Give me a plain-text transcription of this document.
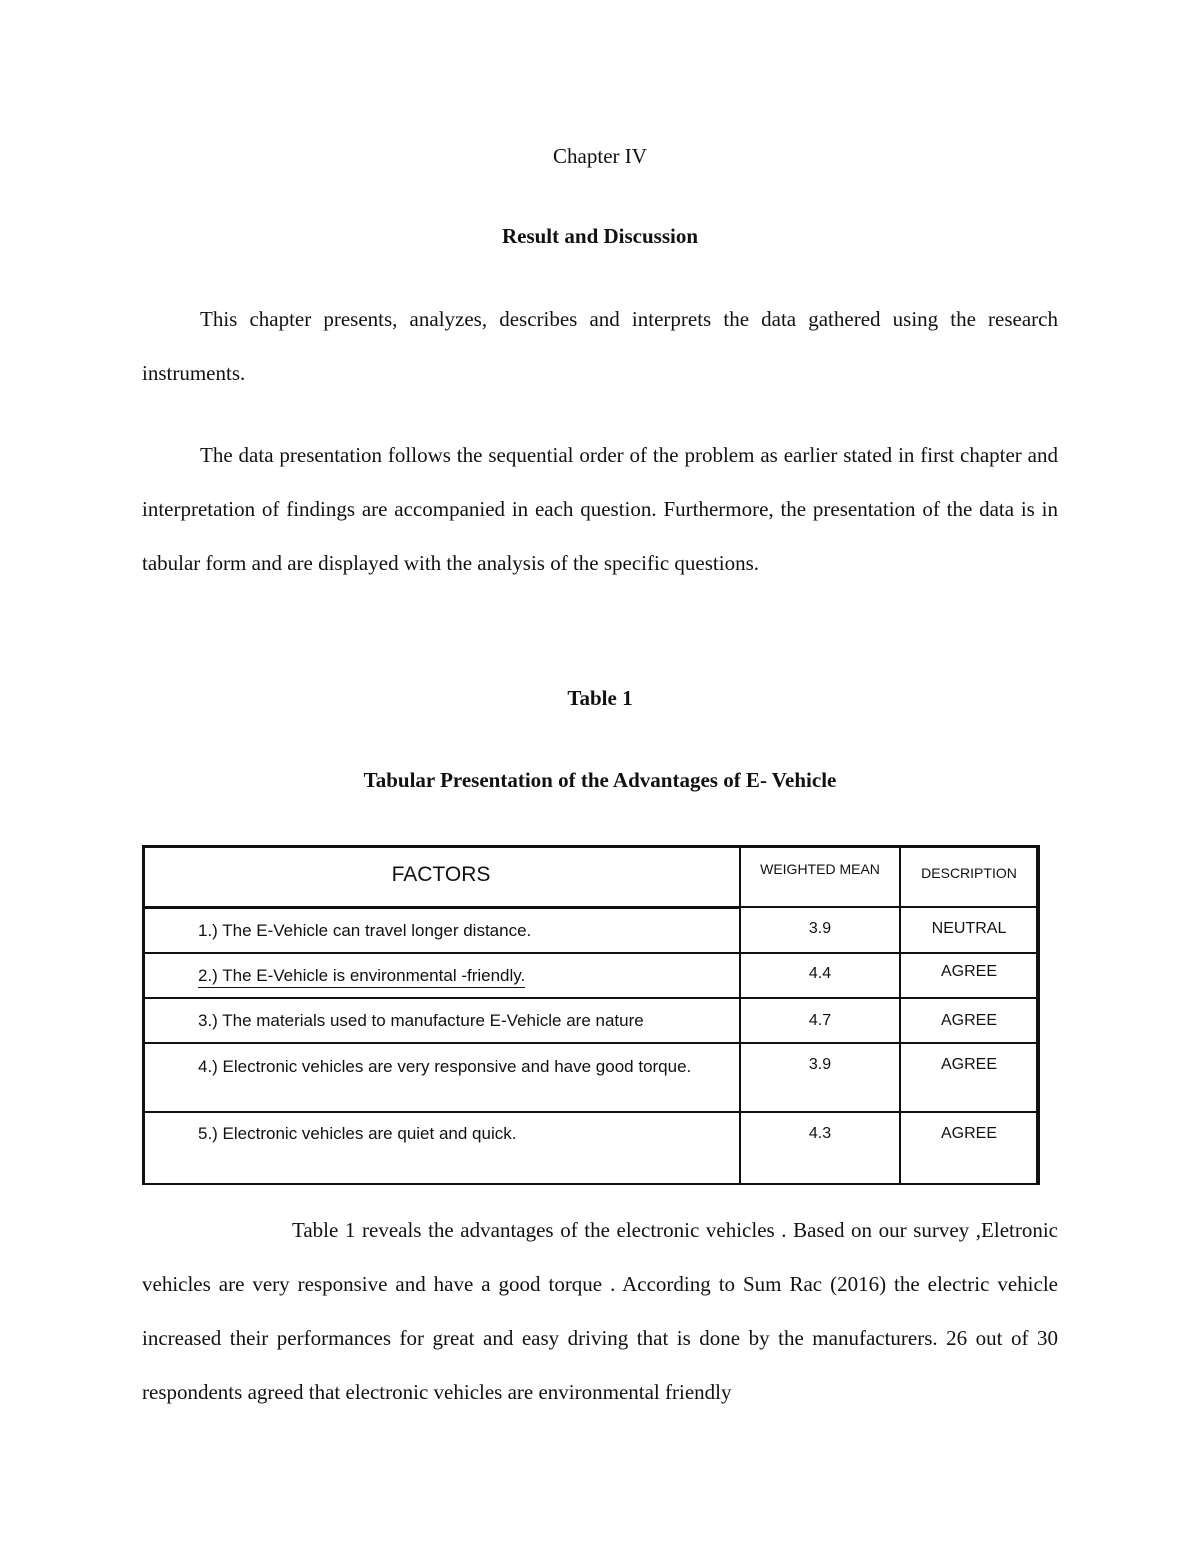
Chapter IV
Result and Discussion
This chapter presents, analyzes, describes and interprets the data gathered using the research instruments.
The data presentation follows the sequential order of the problem as earlier stated in first chapter and interpretation of findings are accompanied in each question. Furthermore, the presentation of the data is in tabular form and are displayed with the analysis of the specific questions.
Table 1
Tabular Presentation of the Advantages of E- Vehicle
FACTORS	WEIGHTED MEAN	DESCRIPTION
1.) The E-Vehicle can travel longer distance.	3.9	NEUTRAL
2.) The E-Vehicle is environmental -friendly.	4.4	AGREE
3.) The materials used to manufacture E-Vehicle are nature	4.7	AGREE
4.) Electronic vehicles are very responsive and have good torque.	3.9	AGREE
5.) Electronic vehicles are quiet and quick.	4.3	AGREE
Table 1 reveals the advantages of the electronic vehicles . Based on our survey ,Eletronic vehicles are very responsive and have a good torque . According to Sum Rac (2016) the electric vehicle increased their performances for great and easy driving that is done by the manufacturers. 26 out of 30 respondents agreed that electronic vehicles are environmental friendly
